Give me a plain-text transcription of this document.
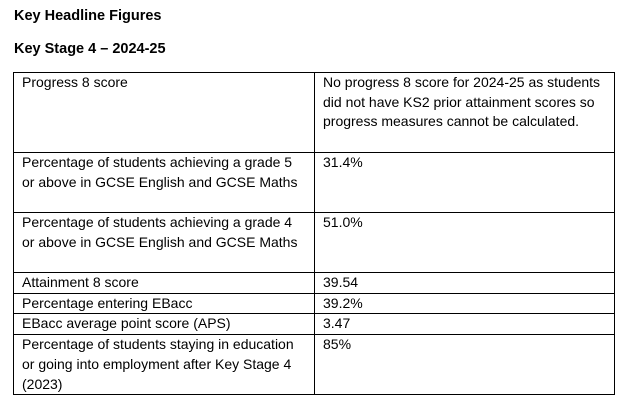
Key Headline Figures
Key Stage 4 – 2024-25
Progress 8 score	No progress 8 score for 2024-25 as students did not have KS2 prior attainment scores so progress measures cannot be calculated.
Percentage of students achieving a grade 5 or above in GCSE English and GCSE Maths	31.4%
Percentage of students achieving a grade 4 or above in GCSE English and GCSE Maths	51.0%
Attainment 8 score	39.54
Percentage entering EBacc	39.2%
EBacc average point score (APS)	3.47
Percentage of students staying in education or going into employment after Key Stage 4 (2023)	85%
